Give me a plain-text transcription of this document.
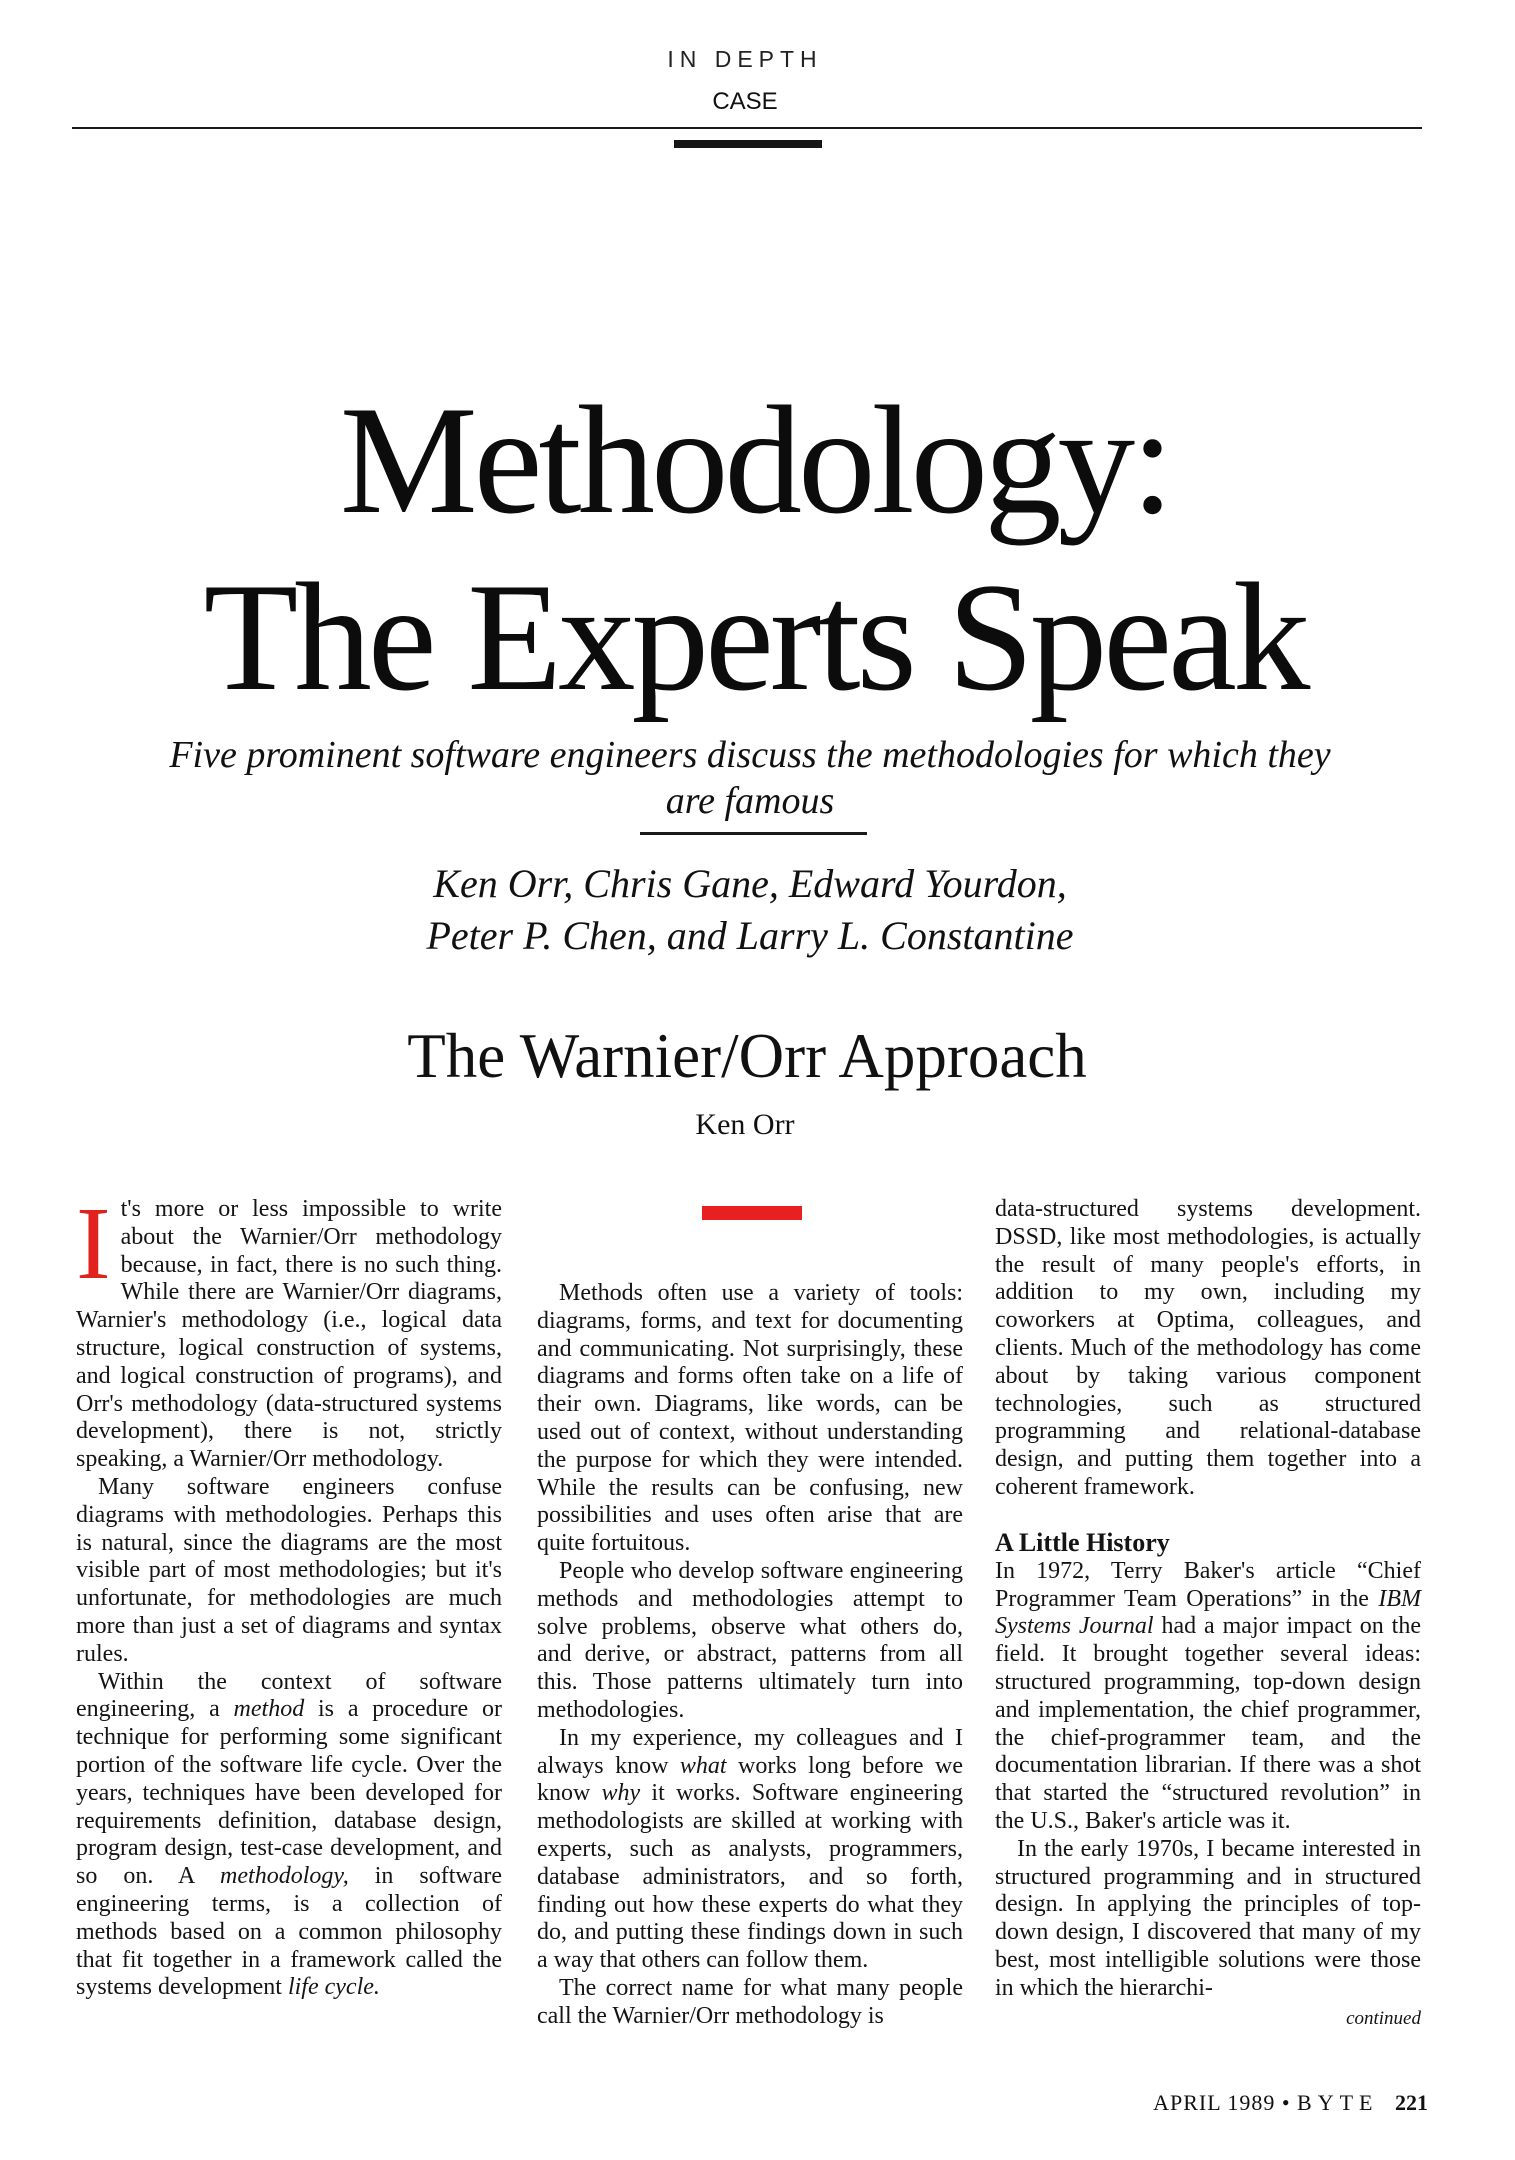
IN DEPTH
CASE
Methodology:
The Experts Speak
Five prominent software engineers discuss the methodologies for which they are famous
Ken Orr, Chris Gane, Edward Yourdon,
Peter P. Chen, and Larry L. Constantine
The Warnier/Orr Approach
Ken Orr

It's more or less impossible to write about the Warnier/Orr methodology because, in fact, there is no such thing. While there are Warnier/Orr diagrams, Warnier's methodology (i.e., logical data structure, logical construction of systems, and logical construction of programs), and Orr's methodology (data-structured systems development), there is not, strictly speaking, a Warnier/Orr methodology.

Many software engineers confuse diagrams with methodologies. Perhaps this is natural, since the diagrams are the most visible part of most methodologies; but it's unfortunate, for methodologies are much more than just a set of diagrams and syntax rules.

Within the context of software engineering, a method is a procedure or technique for performing some significant portion of the software life cycle. Over the years, techniques have been developed for requirements definition, database design, program design, test-case development, and so on. A methodology, in software engineering terms, is a collection of methods based on a common philosophy that fit together in a framework called the systems development life cycle.

Methods often use a variety of tools: diagrams, forms, and text for documenting and communicating. Not surprisingly, these diagrams and forms often take on a life of their own. Diagrams, like words, can be used out of context, without understanding the purpose for which they were intended. While the results can be confusing, new possibilities and uses often arise that are quite fortuitous.

People who develop software engineering methods and methodologies attempt to solve problems, observe what others do, and derive, or abstract, patterns from all this. Those patterns ultimately turn into methodologies.

In my experience, my colleagues and I always know what works long before we know why it works. Software engineering methodologists are skilled at working with experts, such as analysts, programmers, database administrators, and so forth, finding out how these experts do what they do, and putting these findings down in such a way that others can follow them.

The correct name for what many people call the Warnier/Orr methodology is

data-structured systems development. DSSD, like most methodologies, is actually the result of many people's efforts, in addition to my own, including my coworkers at Optima, colleagues, and clients. Much of the methodology has come about by taking various component technologies, such as structured programming and relational-database design, and putting them together into a coherent framework.

A Little History

In 1972, Terry Baker's article “Chief Programmer Team Operations” in the IBM Systems Journal had a major impact on the field. It brought together several ideas: structured programming, top-down design and implementation, the chief programmer, the chief-programmer team, and the documentation librarian. If there was a shot that started the “structured revolution” in the U.S., Baker's article was it.

In the early 1970s, I became interested in structured programming and in structured design. In applying the principles of top-down design, I discovered that many of my best, most intelligible solutions were those in which the hierarchi-

continued
APRIL 1989 • BYTE 221
